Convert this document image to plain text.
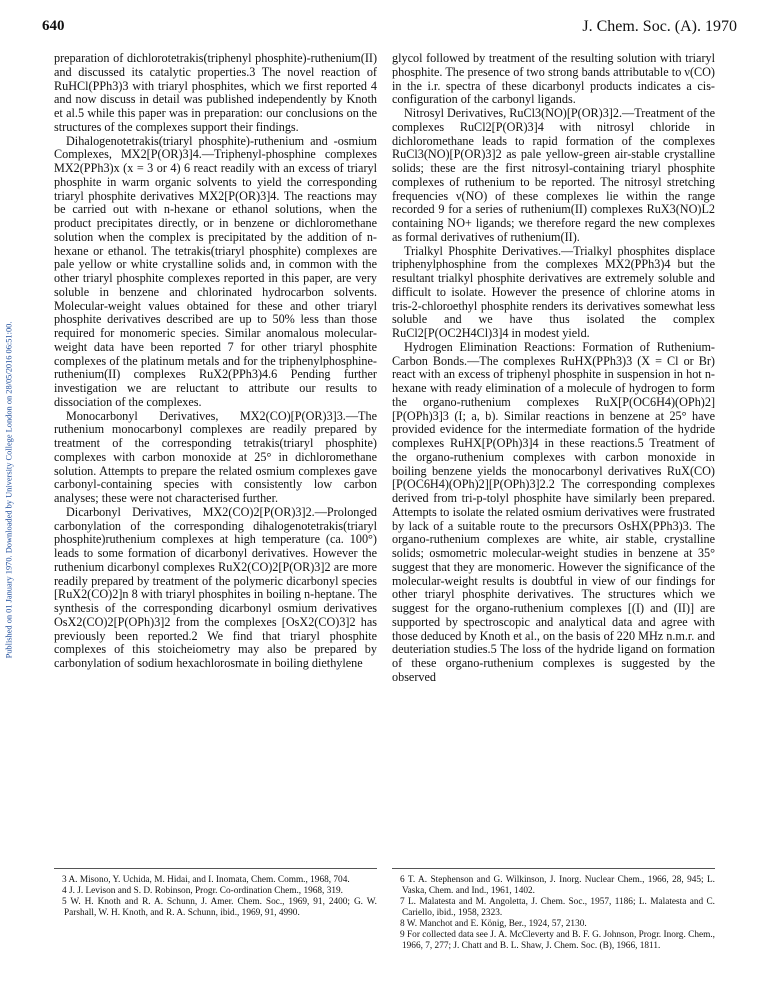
640	J. Chem. Soc. (A). 1970
Published on 01 January 1970. Downloaded by University College London on 28/05/2016 06:51:00.

preparation of dichlorotetrakis(triphenyl phosphite)-ruthenium(II) and discussed its catalytic properties.3 The novel reaction of RuHCl(PPh3)3 with triaryl phosphites, which we first reported 4 and now discuss in detail was published independently by Knoth et al.5 while this paper was in preparation: our conclusions on the structures of the complexes support their findings.

Dihalogenotetrakis(triaryl phosphite)-ruthenium and -osmium Complexes, MX2[P(OR)3]4.—Triphenyl-phosphine complexes MX2(PPh3)x (x = 3 or 4) 6 react readily with an excess of triaryl phosphite in warm organic solvents to yield the corresponding triaryl phosphite derivatives MX2[P(OR)3]4. The reactions may be carried out with n-hexane or ethanol solutions, when the product precipitates directly, or in benzene or dichloromethane solution when the complex is precipitated by the addition of n-hexane or ethanol. The tetrakis(triaryl phosphite) complexes are pale yellow or white crystalline solids and, in common with the other triaryl phosphite complexes reported in this paper, are very soluble in benzene and chlorinated hydrocarbon solvents. Molecular-weight values obtained for these and other triaryl phosphite derivatives described are up to 50% less than those required for monomeric species. Similar anomalous molecular-weight data have been reported 7 for other triaryl phosphite complexes of the platinum metals and for the triphenylphosphine-ruthenium(II) complexes RuX2(PPh3)4.6 Pending further investigation we are reluctant to attribute our results to dissociation of the complexes.

Monocarbonyl Derivatives, MX2(CO)[P(OR)3]3.—The ruthenium monocarbonyl complexes are readily prepared by treatment of the corresponding tetrakis(triaryl phosphite) complexes with carbon monoxide at 25° in dichloromethane solution. Attempts to prepare the related osmium complexes gave carbonyl-containing species with consistently low carbon analyses; these were not characterised further.

Dicarbonyl Derivatives, MX2(CO)2[P(OR)3]2.—Prolonged carbonylation of the corresponding dihalogenotetrakis(triaryl phosphite)ruthenium complexes at high temperature (ca. 100°) leads to some formation of dicarbonyl derivatives. However the ruthenium dicarbonyl complexes RuX2(CO)2[P(OR)3]2 are more readily prepared by treatment of the polymeric dicarbonyl species [RuX2(CO)2]n 8 with triaryl phosphites in boiling n-heptane. The synthesis of the corresponding dicarbonyl osmium derivatives OsX2(CO)2[P(OPh)3]2 from the complexes [OsX2(CO)3]2 has previously been reported.2 We find that triaryl phosphite complexes of this stoicheiometry may also be prepared by carbonylation of sodium hexachlorosmate in boiling diethylene

glycol followed by treatment of the resulting solution with triaryl phosphite. The presence of two strong bands attributable to ν(CO) in the i.r. spectra of these dicarbonyl products indicates a cis-configuration of the carbonyl ligands.

Nitrosyl Derivatives, RuCl3(NO)[P(OR)3]2.—Treatment of the complexes RuCl2[P(OR)3]4 with nitrosyl chloride in dichloromethane leads to rapid formation of the complexes RuCl3(NO)[P(OR)3]2 as pale yellow-green air-stable crystalline solids; these are the first nitrosyl-containing triaryl phosphite complexes of ruthenium to be reported. The nitrosyl stretching frequencies ν(NO) of these complexes lie within the range recorded 9 for a series of ruthenium(II) complexes RuX3(NO)L2 containing NO+ ligands; we therefore regard the new complexes as formal derivatives of ruthenium(II).

Trialkyl Phosphite Derivatives.—Trialkyl phosphites displace triphenylphosphine from the complexes MX2(PPh3)4 but the resultant trialkyl phosphite derivatives are extremely soluble and difficult to isolate. However the presence of chlorine atoms in tris-2-chloroethyl phosphite renders its derivatives somewhat less soluble and we have thus isolated the complex RuCl2[P(OC2H4Cl)3]4 in modest yield.

Hydrogen Elimination Reactions: Formation of Ruthenium-Carbon Bonds.—The complexes RuHX(PPh3)3 (X = Cl or Br) react with an excess of triphenyl phosphite in suspension in hot n-hexane with ready elimination of a molecule of hydrogen to form the organo-ruthenium complexes RuX[P(OC6H4)(OPh)2][P(OPh)3]3 (I; a, b). Similar reactions in benzene at 25° have provided evidence for the intermediate formation of the hydride complexes RuHX[P(OPh)3]4 in these reactions.5 Treatment of the organo-ruthenium complexes with carbon monoxide in boiling benzene yields the monocarbonyl derivatives RuX(CO)[P(OC6H4)(OPh)2][P(OPh)3]2.2 The corresponding complexes derived from tri-p-tolyl phosphite have similarly been prepared. Attempts to isolate the related osmium derivatives were frustrated by lack of a suitable route to the precursors OsHX(PPh3)3. The organo-ruthenium complexes are white, air stable, crystalline solids; osmometric molecular-weight studies in benzene at 35° suggest that they are monomeric. However the significance of the molecular-weight results is doubtful in view of our findings for other triaryl phosphite derivatives. The structures which we suggest for the organo-ruthenium complexes [(I) and (II)] are supported by spectroscopic and analytical data and agree with those deduced by Knoth et al., on the basis of 220 MHz n.m.r. and deuteriation studies.5 The loss of the hydride ligand on formation of these organo-ruthenium complexes is suggested by the observed

3 A. Misono, Y. Uchida, M. Hidai, and I. Inomata, Chem. Comm., 1968, 704.

4 J. J. Levison and S. D. Robinson, Progr. Co-ordination Chem., 1968, 319.

5 W. H. Knoth and R. A. Schunn, J. Amer. Chem. Soc., 1969, 91, 2400; G. W. Parshall, W. H. Knoth, and R. A. Schunn, ibid., 1969, 91, 4990.

6 T. A. Stephenson and G. Wilkinson, J. Inorg. Nuclear Chem., 1966, 28, 945; L. Vaska, Chem. and Ind., 1961, 1402.

7 L. Malatesta and M. Angoletta, J. Chem. Soc., 1957, 1186; L. Malatesta and C. Cariello, ibid., 1958, 2323.

8 W. Manchot and E. König, Ber., 1924, 57, 2130.

9 For collected data see J. A. McCleverty and B. F. G. Johnson, Progr. Inorg. Chem., 1966, 7, 277; J. Chatt and B. L. Shaw, J. Chem. Soc. (B), 1966, 1811.
